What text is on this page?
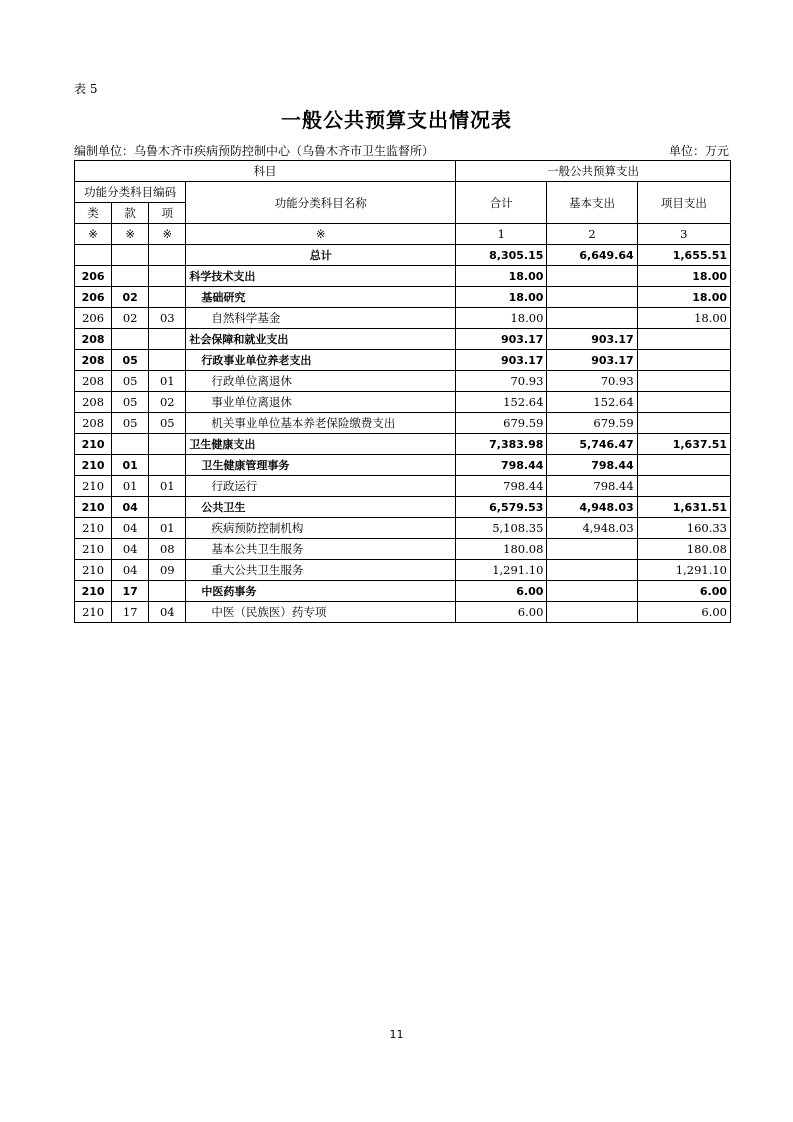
表 5
一般公共预算支出情况表
编制单位：乌鲁木齐市疾病预防控制中心（乌鲁木齐市卫生监督所）	单位：万元
科目				一般公共预算支出		
功能分类科目编码			功能分类科目名称	合计	基本支出	项目支出
类	款	项				
※	※	※	※	1	2	3
			总计	8,305.15	6,649.64	1,655.51
206			科学技术支出	18.00		18.00
206	02		基础研究	18.00		18.00
206	02	03	自然科学基金	18.00		18.00
208			社会保障和就业支出	903.17	903.17	
208	05		行政事业单位养老支出	903.17	903.17	
208	05	01	行政单位离退休	70.93	70.93	
208	05	02	事业单位离退休	152.64	152.64	
208	05	05	机关事业单位基本养老保险缴费支出	679.59	679.59	
210			卫生健康支出	7,383.98	5,746.47	1,637.51
210	01		卫生健康管理事务	798.44	798.44	
210	01	01	行政运行	798.44	798.44	
210	04		公共卫生	6,579.53	4,948.03	1,631.51
210	04	01	疾病预防控制机构	5,108.35	4,948.03	160.33
210	04	08	基本公共卫生服务	180.08		180.08
210	04	09	重大公共卫生服务	1,291.10		1,291.10
210	17		中医药事务	6.00		6.00
210	17	04	中医（民族医）药专项	6.00		6.00
11
